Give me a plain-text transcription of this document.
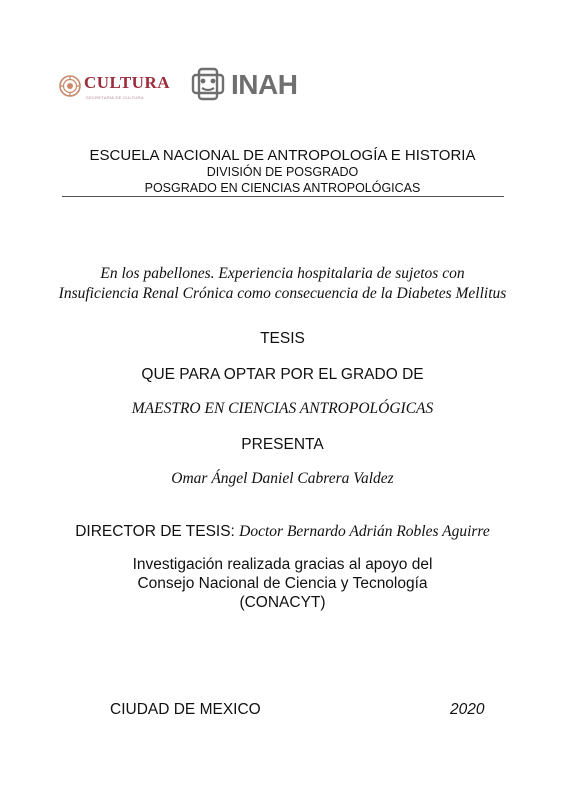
CULTURA
SECRETARÍA DE CULTURA	INAH
ESCUELA NACIONAL DE ANTROPOLOGÍA E HISTORIA
DIVISIÓN DE POSGRADO
POSGRADO EN CIENCIAS ANTROPOLÓGICAS
En los pabellones. Experiencia hospitalaria de sujetos con
Insuficiencia Renal Crónica como consecuencia de la Diabetes Mellitus
TESIS
QUE PARA OPTAR POR EL GRADO DE
MAESTRO EN CIENCIAS ANTROPOLÓGICAS
PRESENTA
Omar Ángel Daniel Cabrera Valdez
DIRECTOR DE TESIS: Doctor Bernardo Adrián Robles Aguirre
Investigación realizada gracias al apoyo del
Consejo Nacional de Ciencia y Tecnología
(CONACYT)
CIUDAD DE MEXICO	2020
